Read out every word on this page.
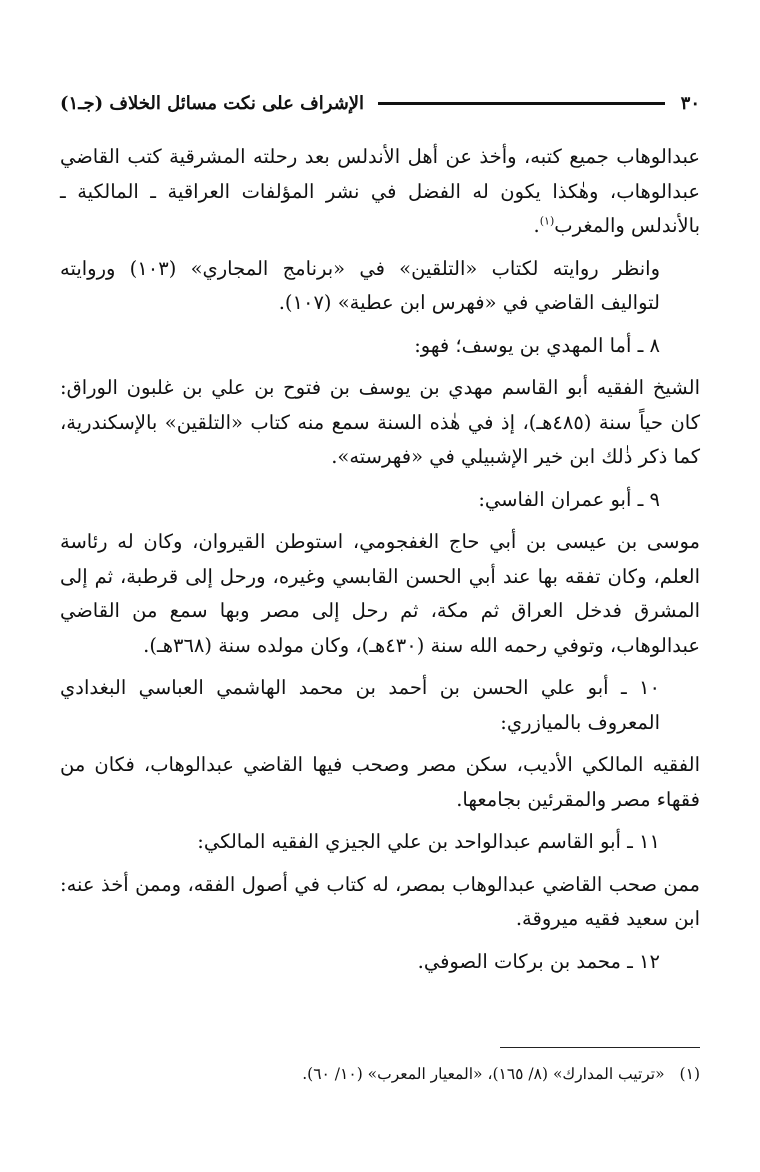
٣٠
الإشراف على نكت مسائل الخلاف (جـ١)

عبدالوهاب جميع كتبه، وأخذ عن أهل الأندلس بعد رحلته المشرقية كتب القاضي عبدالوهاب، وهٰكذا يكون له الفضل في نشر المؤلفات العراقية ـ المالكية ـ بالأندلس والمغرب$^{(١)}$.

وانظر روايته لكتاب «التلقين» في «برنامج المجاري» (١٠٣) وروايته لتواليف القاضي في «فهرس ابن عطية» (١٠٧).

٨ ـ أما المهدي بن يوسف؛ فهو:

الشيخ الفقيه أبو القاسم مهدي بن يوسف بن فتوح بن علي بن غلبون الوراق: كان حياً سنة (٤٨٥هـ)، إذ في هٰذه السنة سمع منه كتاب «التلقين» بالإسكندرية، كما ذكر ذٰلك ابن خير الإشبيلي في «فهرسته».

٩ ـ أبو عمران الفاسي:

موسى بن عيسى بن أبي حاج الغفجومي، استوطن القيروان، وكان له رئاسة العلم، وكان تفقه بها عند أبي الحسن القابسي وغيره، ورحل إلى قرطبة، ثم إلى المشرق فدخل العراق ثم مكة، ثم رحل إلى مصر وبها سمع من القاضي عبدالوهاب، وتوفي رحمه الله سنة (٤٣٠هـ)، وكان مولده سنة (٣٦٨هـ).

١٠ ـ أبو علي الحسن بن أحمد بن محمد الهاشمي العباسي البغدادي المعروف بالميازري:

الفقيه المالكي الأديب، سكن مصر وصحب فيها القاضي عبدالوهاب، فكان من فقهاء مصر والمقرئين بجامعها.

١١ ـ أبو القاسم عبدالواحد بن علي الجيزي الفقيه المالكي:

ممن صحب القاضي عبدالوهاب بمصر، له كتاب في أصول الفقه، وممن أخذ عنه: ابن سعيد فقيه ميروقة.

١٢ ـ محمد بن بركات الصوفي.

(١) «ترتيب المدارك» (٨/ ١٦٥)، «المعيار المعرب» (١٠/ ٦٠).
